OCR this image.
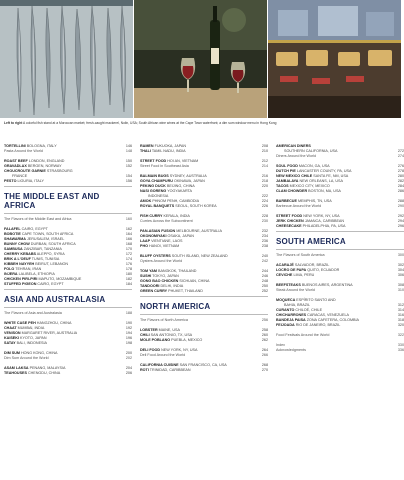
Left to right A colorful fish stand at a Moroccan market; fresh-caught mackerel, Nolin, USA; South African wine wines at the Cape Town waterfront; a dim sum window menu in Hong Kong
TORTELLINI BOLOGNA, ITALY	146
Pasta Around the World	148
ROAST BEEF LONDON, ENGLAND	150
GRAVADLAX BERGEN, NORWAY	152
CHOUCROUTE GARNIE STRASBOURG
FRANCE	154
PESTO LIGURIA, ITALY	156
THE MIDDLE EAST AND AFRICA
The Flavors of the Middle East and Africa	160
FALAFEL CAIRO, EGYPT	162
BOBOTIE CAPE TOWN, SOUTH AFRICA	164
SHAWARMA JERUSALEM, ISRAEL	166
BUNNY CHOW DURBAN, SOUTH AFRICA	168
SAMBUSA ZANZIBAR, TANZANIA	170
CHERRY KEBABS ALEPPO, SYRIA	172
BRIK A L'OEUF TUNIS, TUNISIA	174
KIBBEH NAYYEH BEIRUT, LEBANON	176
FOLO TEHRAN, IRAN	178
INJERA LALIBELA, ETHIOPIA	180
CHICKEN PIRI-PIRI MAPUTO, MOZAMBIQUE	182
STUFFED PIGEON CAIRO, EGYPT	184
ASIA AND AUSTRALASIA
The Flavors of Asia and Australasia	188
WHITE CASE PEH HANGZHOU, CHINA	190
CHAAT MUMBAI, INDIA	192
VENISON MARGARET RIVER, AUSTRALIA	194
KAISEKI KYOTO, JAPAN	196
SATAY BALI, INDONESIA	198
DIM SUM HONG KONG, CHINA	200
Dim Sum Around the World	202
ASAM LAKSA PENANG, MALAYSIA	204
TEAHOUSES CHENGDU, CHINA	206
RAMEN FUKUOKA, JAPAN	208
THALI TAMIL NADU, INDIA	210
STREET FOOD HOI AN, VIETNAM	212
Street Food in Southeast Asia	214
BALMAIN BUGS SYDNEY, AUSTRALIA	216
GOYA CHAMPURU OKINAWA, JAPAN	218
PEKING DUCK BEIJING, CHINA	220
NASI GORENG YOGYAKARTA
INDONESIA	222
AMOK PHNOM PENH, CAMBODIA	224
ROYAL BANQUETS SEOUL, SOUTH KOREA	226
FISH CURRY KERALA, INDIA	228
Curries Across the Subcontinent	230
PAN-ASIAN FUSION MELBOURNE, AUSTRALIA	232
OKONOMIYAKI OSAKA, JAPAN	234
LAAP VIENTIANE, LAOS	236
PHO HANOI, VIETNAM	238
BLUFF OYSTERS SOUTH ISLAND, NEW ZEALAND	240
Oysters Around the World	242
TOM YAM BANGKOK, THAILAND	244
SUSHI TOKYO, JAPAN	246
GONG BAO CHICKEN SICHUAN, CHINA	248
TANDOORI DELHI, INDIA	250
GREEN CURRY PHUKET, THAILAND	252
NORTH AMERICA
The Flavors of North America	256
LOBSTER MAINE, USA	258
CHILI SAN ANTONIO, TX, USA	260
MOLE POBLANO PUEBLA, MEXICO	262
DELI FOOD NEW YORK, NY, USA	264
Deli Food Around the World	266
CALIFORNIA CUISINE SAN FRANCISCO, CA, USA	268
ROTI TRINIDAD, CARIBBEAN	270
AMERICAN DINERS
SOUTHERN CALIFORNIA, USA	272
Diners Around the World	274
SOUL FOOD MACON, GA, USA	276
DUTCH PIE LANCASTER COUNTY, PA, USA	278
NEW MEXICO CHILE SANTA FE, NM, USA	280
JAMBALAYA NEW ORLEANS, LA, USA	282
TACOS MEXICO CITY, MEXICO	284
CLAM CHOWDER BOSTON, MA, USA	286
BARBECUE MEMPHIS, TN, USA	288
Barbecue Around the World	290
STREET FOOD NEW YORK, NY, USA	292
JERK CHICKEN JAMAICA, CARIBBEAN	294
CHEESECAKE PHILADELPHIA, PA, USA	296
SOUTH AMERICA
The Flavors of South America	300
ACARAJÉ SALVADOR, BRAZIL	302
LOCRO DE PAPA QUITO, ECUADOR	304
CEVICHE LIMA, PERU	306
BEEFSTEAKS BUENOS AIRES, ARGENTINA	308
Steak Around the World	310
MOQUECA ESPÍRITO SANTO AND
BAHIA, BRAZIL	312
CURANTO CHILOÉ, CHILE	314
CHICHARRONES CARACAS, VENEZUELA	316
BANDEJA PAISA ZONA CAFETERA, COLOMBIA	318
FEIJOADA RIO DE JANEIRO, BRAZIL	320
Food Festivals Around the World	322
Index	330
Acknowledgments	336
